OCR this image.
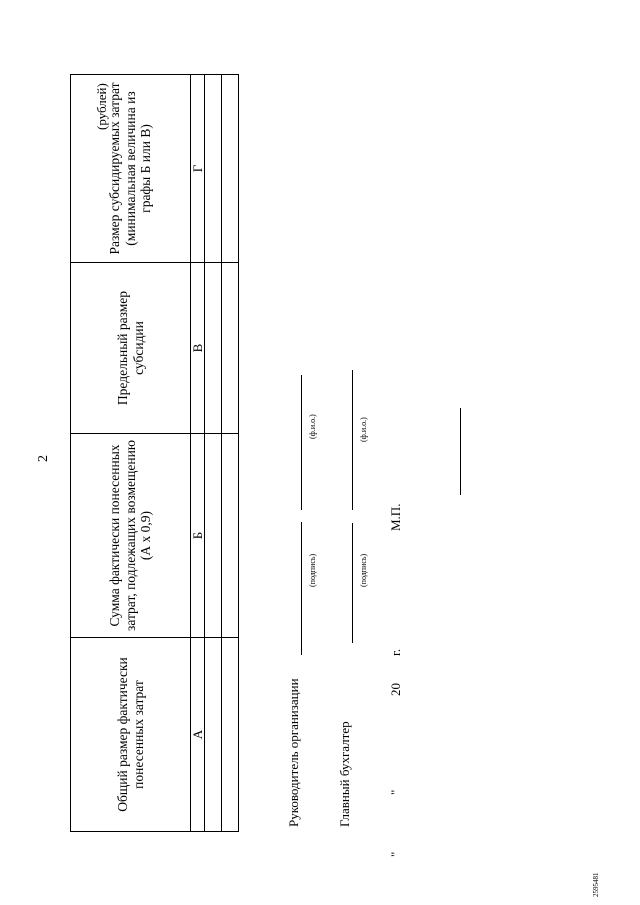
2
(рублей)
Общий размер фактически понесенных затрат	Сумма фактически понесенных затрат, подлежащих возмещению (А х 0,9)	Предельный размер субсидии	Размер субсидируемых затрат (минимальная величина из графы Б или В)
А	Б	В	Г

Руководитель организации
(подпись)
(ф.и.о.)
Главный бухгалтер
(подпись)
(ф.и.о.)
"
"
20
г.
М.П.
2595481
